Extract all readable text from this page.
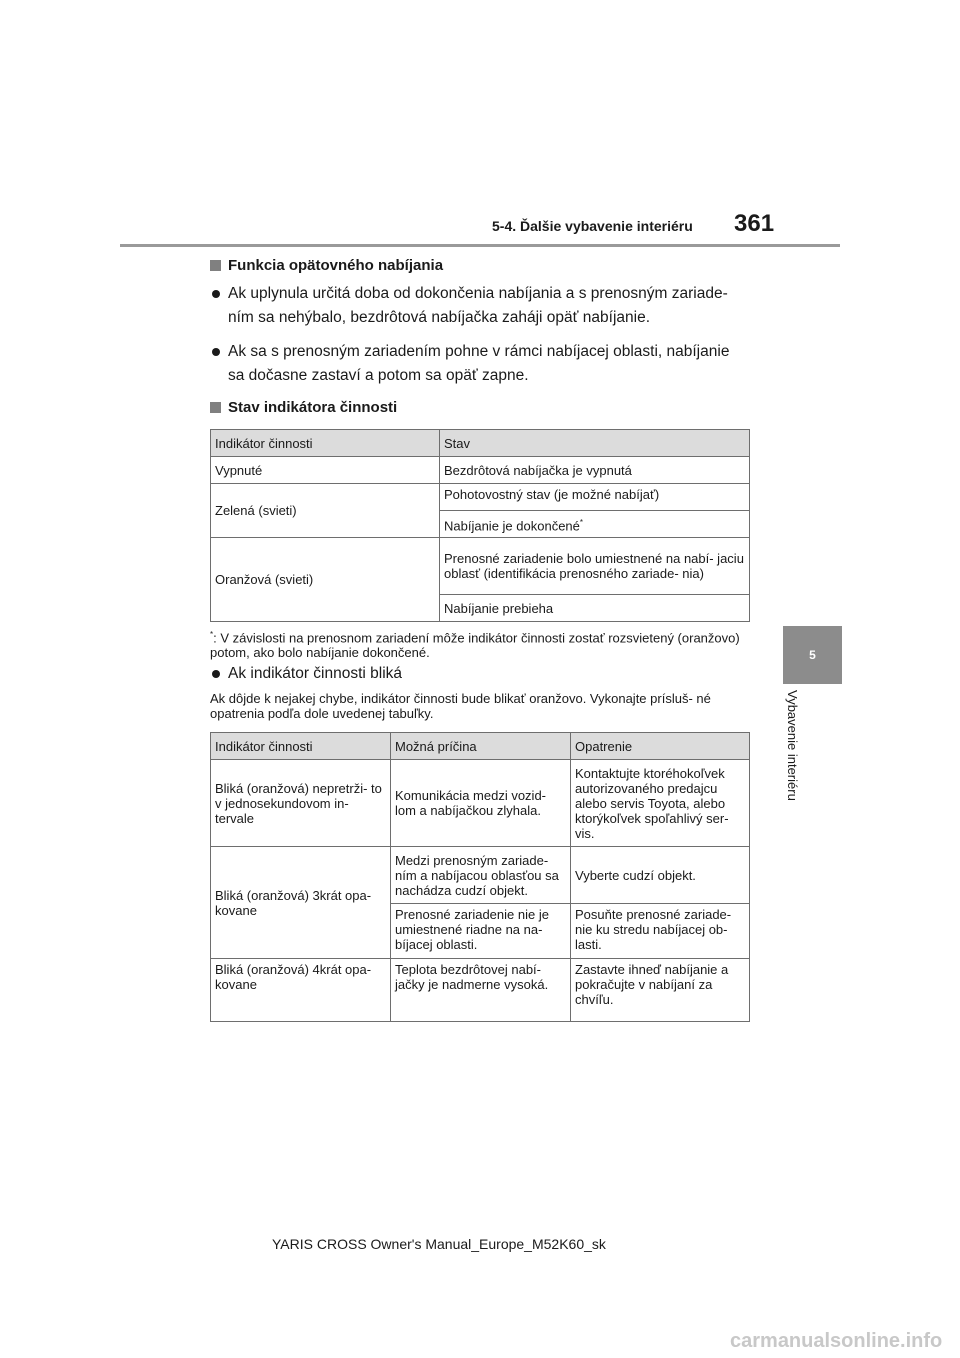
5-4. Ďalšie vybavenie interiéru 361
5
Vybavenie interiéru
Funkcia opätovného nabíjania
Ak uplynula určitá doba od dokončenia nabíjania a s prenosným zariade- ním sa nehýbalo, bezdrôtová nabíjačka zaháji opäť nabíjanie.
Ak sa s prenosným zariadením pohne v rámci nabíjacej oblasti, nabíjanie sa dočasne zastaví a potom sa opäť zapne.
Stav indikátora činnosti
Indikátor činnosti	Stav
Vypnuté	Bezdrôtová nabíjačka je vypnutá
Zelená (svieti)	Pohotovostný stav (je možné nabíjať)
	Nabíjanie je dokončené*
Oranžová (svieti)	Prenosné zariadenie bolo umiestnené na nabí- jaciu oblasť (identifikácia prenosného zariade- nia)
	Nabíjanie prebieha
*: V závislosti na prenosnom zariadení môže indikátor činnosti zostať rozsvietený (oranžovo) potom, ako bolo nabíjanie dokončené.
Ak indikátor činnosti bliká
Ak dôjde k nejakej chybe, indikátor činnosti bude blikať oranžovo. Vykonajte prísluš- né opatrenia podľa dole uvedenej tabuľky.
Indikátor činnosti	Možná príčina	Opatrenie
Bliká (oranžová) nepretrži- to v jednosekundovom in- tervale	Komunikácia medzi vozid- lom a nabíjačkou zlyhala.	Kontaktujte ktoréhokoľvek autorizovaného predajcu alebo servis Toyota, alebo ktorýkoľvek spoľahlivý ser- vis.
Bliká (oranžová) 3krát opa- kovane	Medzi prenosným zariade- ním a nabíjacou oblasťou sa nachádza cudzí objekt.	Vyberte cudzí objekt.
	Prenosné zariadenie nie je umiestnené riadne na na- bíjacej oblasti.	Posuňte prenosné zariade- nie ku stredu nabíjacej ob- lasti.
Bliká (oranžová) 4krát opa- kovane	Teplota bezdrôtovej nabí- jačky je nadmerne vysoká.	Zastavte ihneď nabíjanie a pokračujte v nabíjaní za chvíľu.
YARIS CROSS Owner's Manual_Europe_M52K60_sk
carmanualsonline.info
